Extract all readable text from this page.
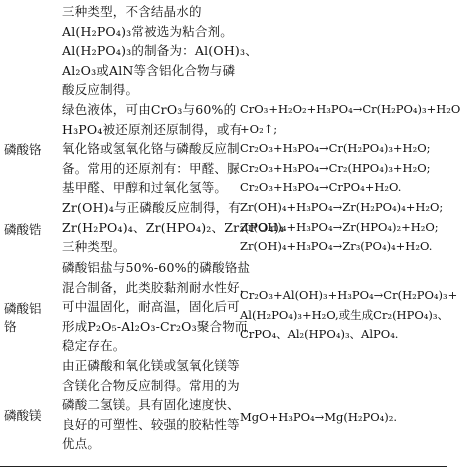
三种类型，不含结晶水的
Al(H₂PO₄)₃常被选为粘合剂。
Al(H₂PO₄)₃的制备为：Al(OH)₃、
Al₂O₃或AlN等含铝化合物与磷
酸反应制得。
磷酸铬
绿色液体，可由CrO₃与60%的
H₃PO₄被还原剂还原制得，或有
氧化铬或氢氧化铬与磷酸反应制
备。常用的还原剂有：甲醛、脲
基甲醛、甲醇和过氧化氢等。
CrO₃+H₂O₂+H₃PO₄→Cr(H₂PO₄)₃+H₂O
+O₂↑;
Cr₂O₃+H₃PO₄→Cr(H₂PO₄)₃+H₂O;
Cr₂O₃+H₃PO₄→Cr₂(HPO₄)₃+H₂O;
Cr₂O₃+H₃PO₄→CrPO₄+H₂O.
磷酸锆
Zr(OH)₄与正磷酸反应制得，有
Zr(H₂PO₄)₄、Zr(HPO₄)₂、Zr₃(PO₄)₄
三种类型。
Zr(OH)₄+H₃PO₄→Zr(H₂PO₄)₄+H₂O;
Zr(OH)₄+H₃PO₄→Zr(HPO₄)₂+H₂O;
Zr(OH)₄+H₃PO₄→Zr₃(PO₄)₄+H₂O.
磷酸铝铬
磷酸铝盐与50%-60%的磷酸铬盐
混合制备，此类胶黏剂耐水性好，
可中温固化，耐高温，固化后可
形成P₂O₅-Al₂O₃-Cr₂O₃聚合物而
稳定存在。
Cr₂O₃+Al(OH)₃+H₃PO₄→Cr(H₂PO₄)₃+
Al(H₂PO₄)₃+H₂O,或生成Cr₂(HPO₄)₃、
CrPO₄、Al₂(HPO₄)₃、AlPO₄.
磷酸镁
由正磷酸和氧化镁或氢氧化镁等
含镁化合物反应制得。常用的为
磷酸二氢镁。具有固化速度快、
良好的可塑性、较强的胶粘性等
优点。
MgO+H₃PO₄→Mg(H₂PO₄)₂.
